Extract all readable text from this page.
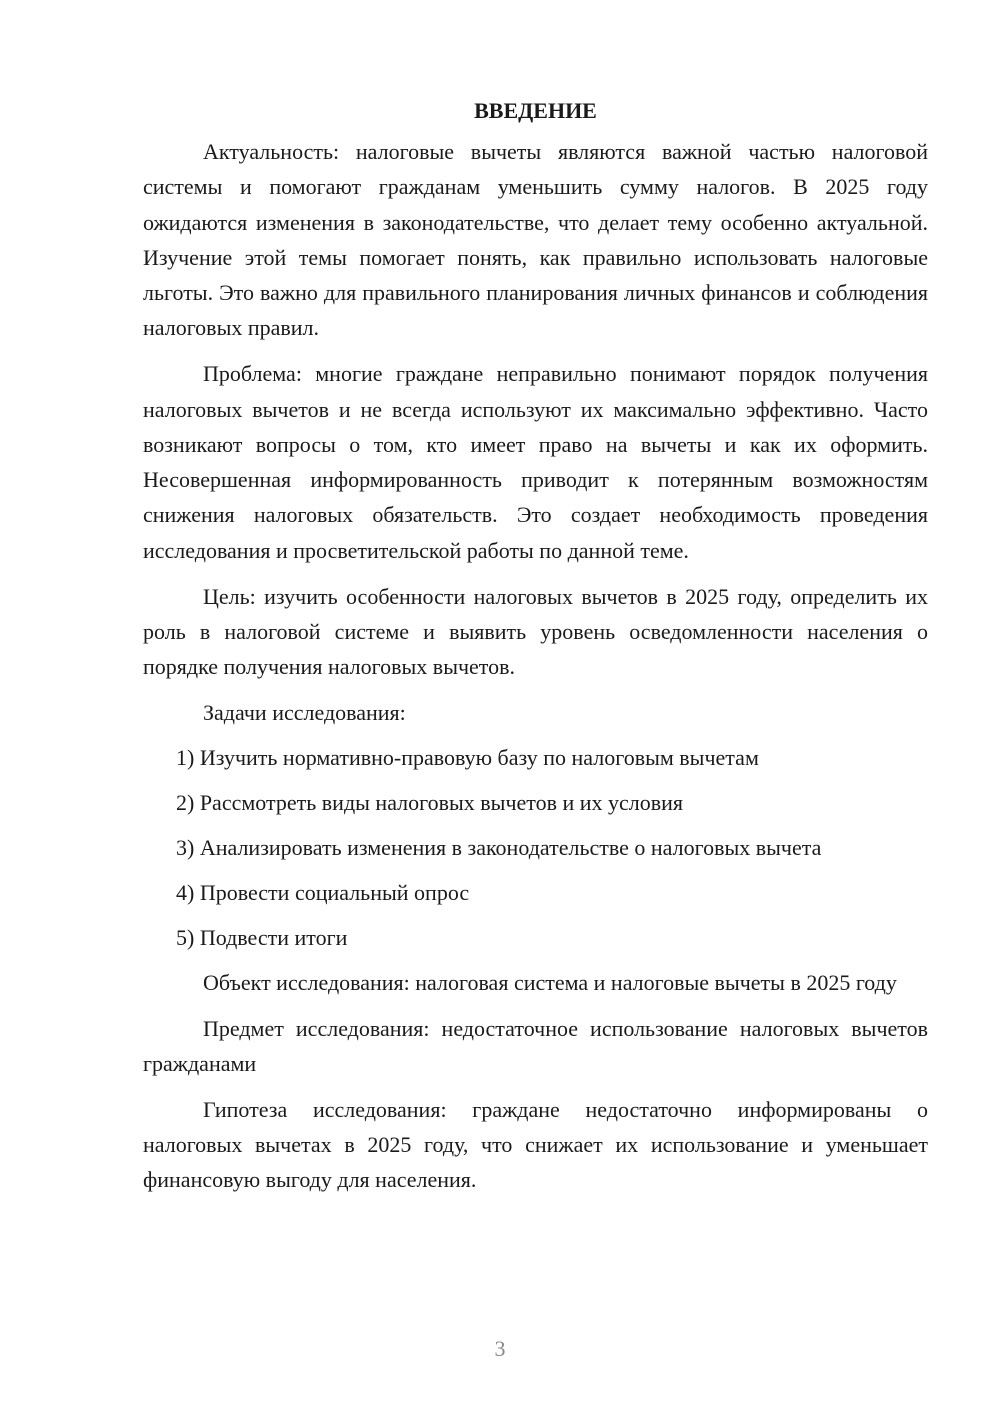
ВВЕДЕНИЕ

Актуальность: налоговые вычеты являются важной частью налоговой системы и помогают гражданам уменьшить сумму налогов. В 2025 году ожидаются изменения в законодательстве, что делает тему особенно актуальной. Изучение этой темы помогает понять, как правильно использовать налоговые льготы. Это важно для правильного планирования личных финансов и соблюдения налоговых правил.

Проблема: многие граждане неправильно понимают порядок получения налоговых вычетов и не всегда используют их максимально эффективно. Часто возникают вопросы о том, кто имеет право на вычеты и как их оформить. Несовершенная информированность приводит к потерянным возможностям снижения налоговых обязательств. Это создает необходимость проведения исследования и просветительской работы по данной теме.

Цель: изучить особенности налоговых вычетов в 2025 году, определить их роль в налоговой системе и выявить уровень осведомленности населения о порядке получения налоговых вычетов.

Задачи исследования:
1) Изучить нормативно-правовую базу по налоговым вычетам
2) Рассмотреть виды налоговых вычетов и их условия
3) Анализировать изменения в законодательстве о налоговых вычета
4) Провести социальный опрос
5) Подвести итоги

Объект исследования: налоговая система и налоговые вычеты в 2025 году

Предмет исследования: недостаточное использование налоговых вычетов гражданами

Гипотеза исследования: граждане недостаточно информированы о налоговых вычетах в 2025 году, что снижает их использование и уменьшает финансовую выгоду для населения.

3
